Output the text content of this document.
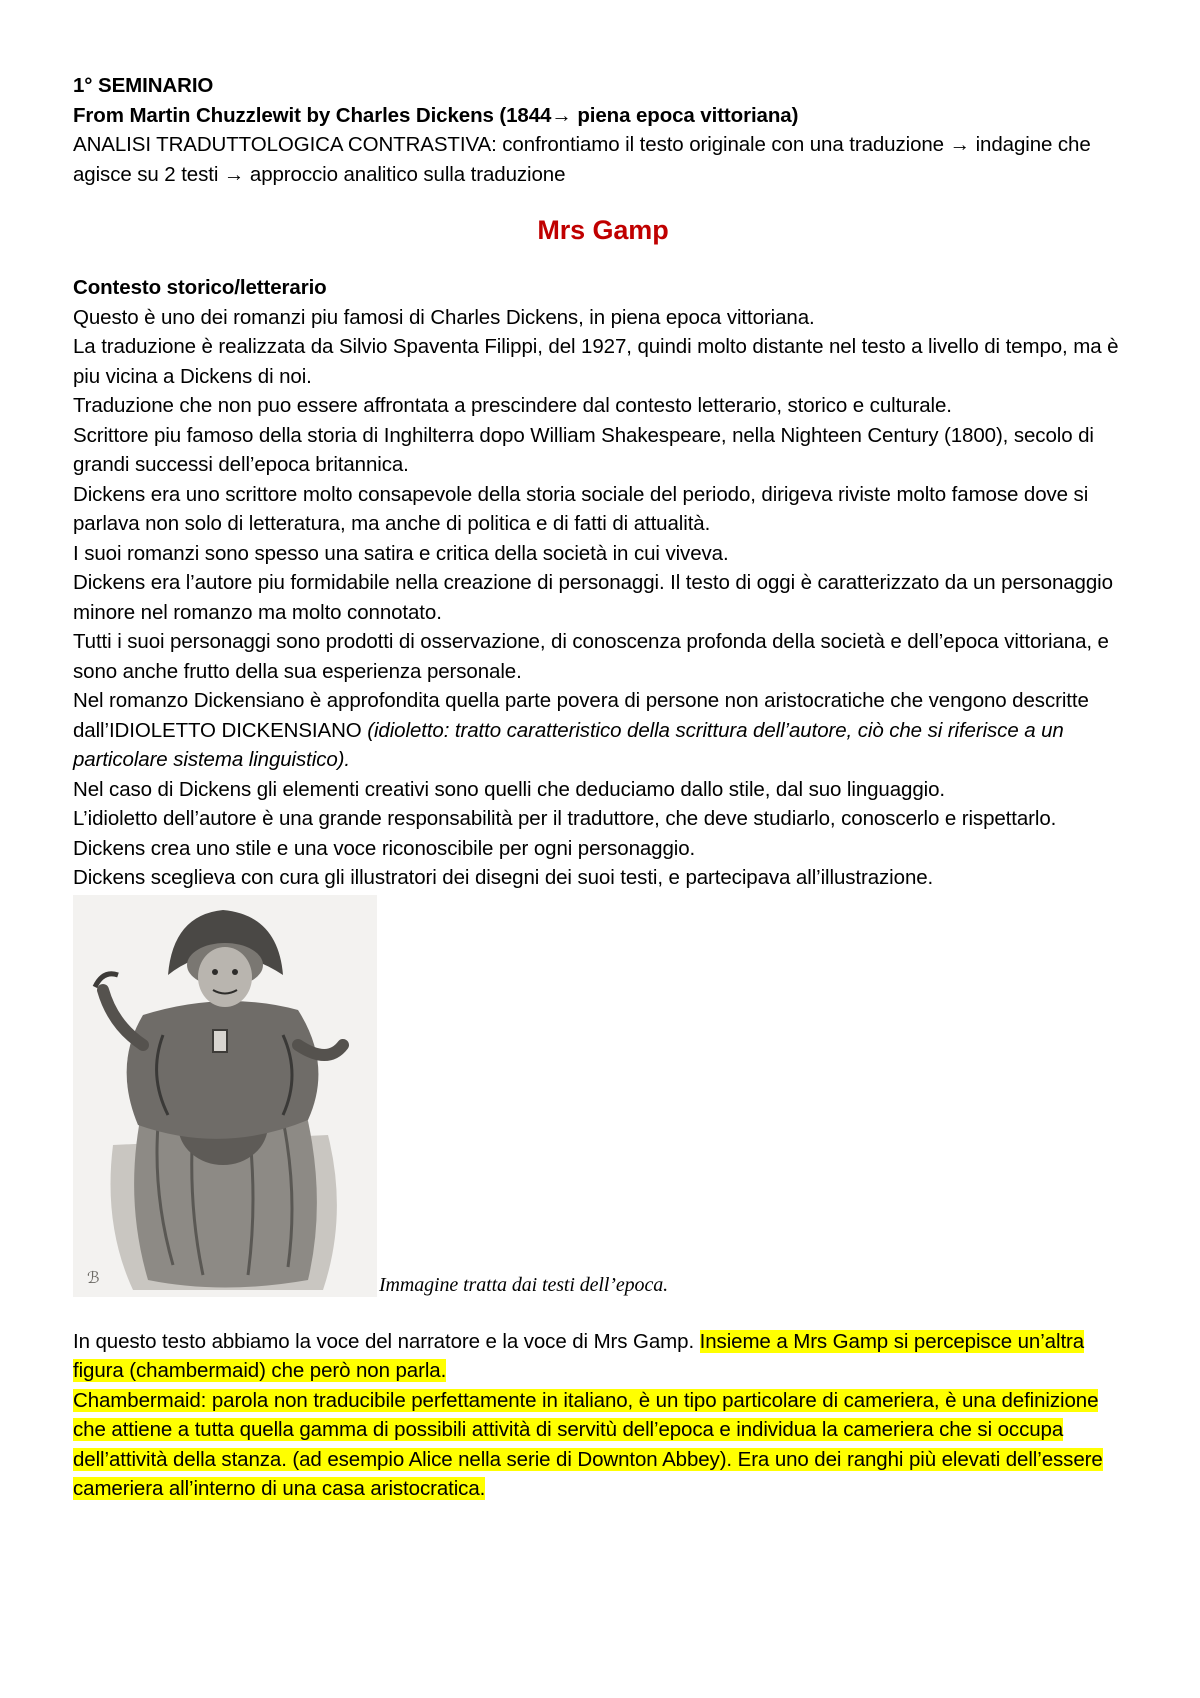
1° SEMINARIO

From Martin Chuzzlewit by Charles Dickens (1844→ piena epoca vittoriana)

ANALISI TRADUTTOLOGICA CONTRASTIVA: confrontiamo il testo originale con una traduzione → indagine che agisce su 2 testi → approccio analitico sulla traduzione

Mrs Gamp

Contesto storico/letterario

Questo è uno dei romanzi piu famosi di Charles Dickens, in piena epoca vittoriana.

La traduzione è realizzata da Silvio Spaventa Filippi, del 1927, quindi molto distante nel testo a livello di tempo, ma è piu vicina a Dickens di noi.

Traduzione che non puo essere affrontata a prescindere dal contesto letterario, storico e culturale.

Scrittore piu famoso della storia di Inghilterra dopo William Shakespeare, nella Nighteen Century (1800), secolo di grandi successi dell’epoca britannica.

Dickens era uno scrittore molto consapevole della storia sociale del periodo, dirigeva riviste molto famose dove si parlava non solo di letteratura, ma anche di politica e di fatti di attualità.

I suoi romanzi sono spesso una satira e critica della società in cui viveva.

Dickens era l’autore piu formidabile nella creazione di personaggi. Il testo di oggi è caratterizzato da un personaggio minore nel romanzo ma molto connotato.

Tutti i suoi personaggi sono prodotti di osservazione, di conoscenza profonda della società e dell’epoca vittoriana, e sono anche frutto della sua esperienza personale.

Nel romanzo Dickensiano è approfondita quella parte povera di persone non aristocratiche che vengono descritte dall’IDIOLETTO DICKENSIANO (idioletto: tratto caratteristico della scrittura dell’autore, ciò che si riferisce a un particolare sistema linguistico).

Nel caso di Dickens gli elementi creativi sono quelli che deduciamo dallo stile, dal suo linguaggio.

L’idioletto dell’autore è una grande responsabilità per il traduttore, che deve studiarlo, conoscerlo e rispettarlo.

Dickens crea uno stile e una voce riconoscibile per ogni personaggio.

Dickens sceglieva con cura gli illustratori dei disegni dei suoi testi, e partecipava all’illustrazione.

ℬ	Immagine tratta dai testi dell’epoca.

In questo testo abbiamo la voce del narratore e la voce di Mrs Gamp. Insieme a Mrs Gamp si percepisce un’altra figura (chambermaid) che però non parla.

Chambermaid: parola non traducibile perfettamente in italiano, è un tipo particolare di cameriera, è una definizione che attiene a tutta quella gamma di possibili attività di servitù dell’epoca e individua la cameriera che si occupa dell’attività della stanza. (ad esempio Alice nella serie di Downton Abbey). Era uno dei ranghi più elevati dell’essere cameriera all’interno di una casa aristocratica.
